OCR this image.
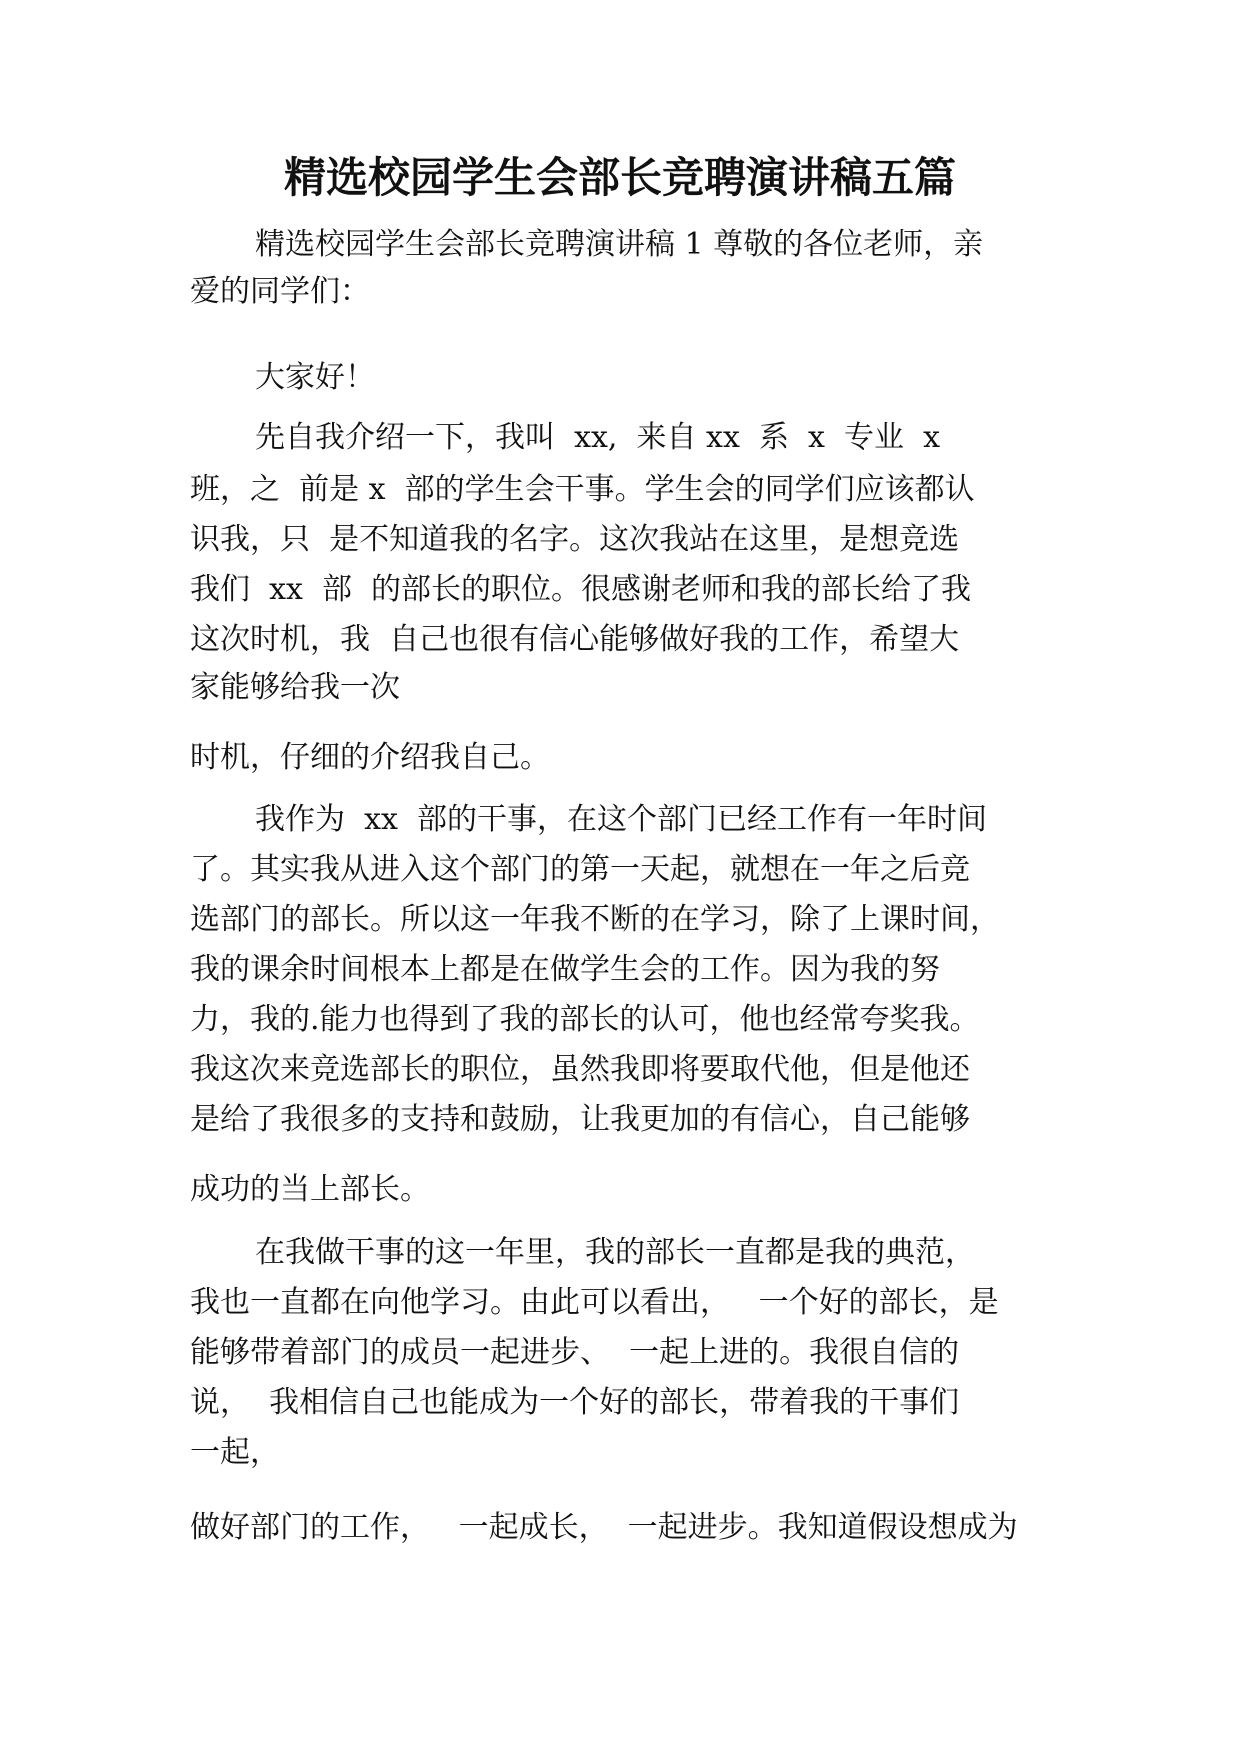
精选校园学生会部长竞聘演讲稿五篇
精选校园学生会部长竞聘演讲稿 1 尊敬的各位老师，亲
爱的同学们：
大家好！
先自我介绍一下，我叫  xx,  来自 xx  系  x  专业  x
班，之  前是 x  部的学生会干事。学生会的同学们应该都认
识我，只  是不知道我的名字。这次我站在这里，是想竞选
我们  xx  部  的部长的职位。很感谢老师和我的部长给了我
这次时机，我  自己也很有信心能够做好我的工作，希望大
家能够给我一次
时机，仔细的介绍我自己。
我作为  xx  部的干事，在这个部门已经工作有一年时间
了。其实我从进入这个部门的第一天起，就想在一年之后竞
选部门的部长。所以这一年我不断的在学习，除了上课时间，
我的课余时间根本上都是在做学生会的工作。因为我的努
力，我的.能力也得到了我的部长的认可，他也经常夸奖我。
我这次来竞选部长的职位，虽然我即将要取代他，但是他还
是给了我很多的支持和鼓励，让我更加的有信心，自己能够
成功的当上部长。
在我做干事的这一年里，我的部长一直都是我的典范，
我也一直都在向他学习。由此可以看出，   一个好的部长，是
能够带着部门的成员一起进步、  一起上进的。我很自信的
说，  我相信自己也能成为一个好的部长，带着我的干事们
一起，
做好部门的工作，   一起成长，  一起进步。我知道假设想成为
